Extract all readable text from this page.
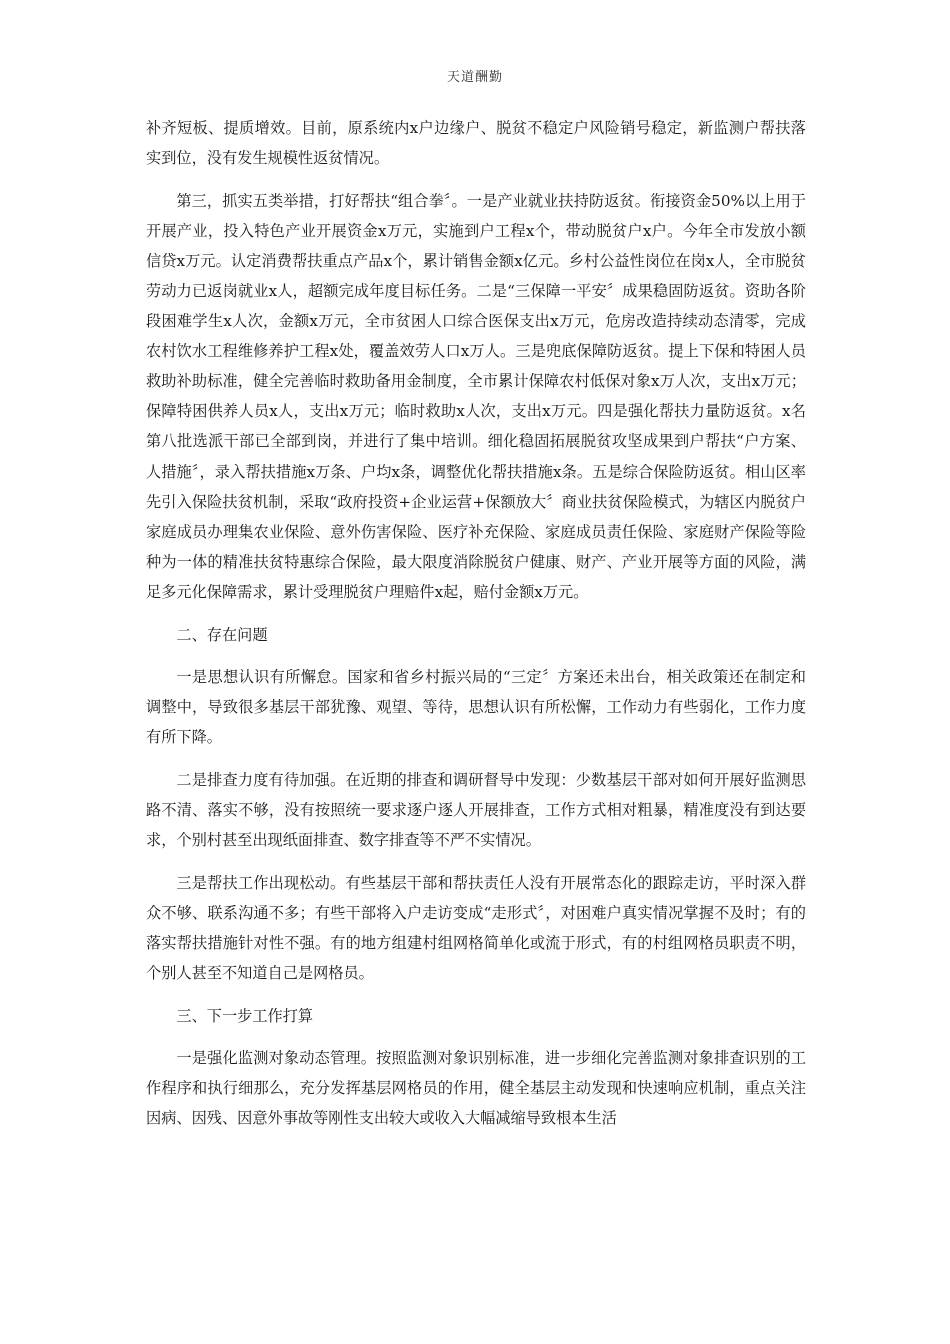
天道酬勤

补齐短板、提质增效。目前，原系统内x户边缘户、脱贫不稳定户风险销号稳定，新监测户帮扶落实到位，没有发生规模性返贫情况。

第三，抓实五类举措，打好帮扶“组合拳〞。一是产业就业扶持防返贫。衔接资金50%以上用于开展产业，投入特色产业开展资金x万元，实施到户工程x个，带动脱贫户x户。今年全市发放小额信贷x万元。认定消费帮扶重点产品x个，累计销售金额x亿元。乡村公益性岗位在岗x人，全市脱贫劳动力已返岗就业x人，超额完成年度目标任务。二是“三保障一平安〞成果稳固防返贫。资助各阶段困难学生x人次，金额x万元，全市贫困人口综合医保支出x万元，危房改造持续动态清零，完成农村饮水工程维修养护工程x处，覆盖效劳人口x万人。三是兜底保障防返贫。提上下保和特困人员救助补助标准，健全完善临时救助备用金制度，全市累计保障农村低保对象x万人次，支出x万元；保障特困供养人员x人，支出x万元；临时救助x人次，支出x万元。四是强化帮扶力量防返贫。x名第八批选派干部已全部到岗，并进行了集中培训。细化稳固拓展脱贫攻坚成果到户帮扶“户方案、人措施〞，录入帮扶措施x万条、户均x条，调整优化帮扶措施x条。五是综合保险防返贫。相山区率先引入保险扶贫机制，采取“政府投资+企业运营+保额放大〞商业扶贫保险模式，为辖区内脱贫户家庭成员办理集农业保险、意外伤害保险、医疗补充保险、家庭成员责任保险、家庭财产保险等险种为一体的精准扶贫特惠综合保险，最大限度消除脱贫户健康、财产、产业开展等方面的风险，满足多元化保障需求，累计受理脱贫户理赔件x起，赔付金额x万元。

二、存在问题

一是思想认识有所懈怠。国家和省乡村振兴局的“三定〞方案还未出台，相关政策还在制定和调整中，导致很多基层干部犹豫、观望、等待，思想认识有所松懈，工作动力有些弱化，工作力度有所下降。

二是排查力度有待加强。在近期的排查和调研督导中发现：少数基层干部对如何开展好监测思路不清、落实不够，没有按照统一要求逐户逐人开展排查，工作方式相对粗暴，精准度没有到达要求，个别村甚至出现纸面排查、数字排查等不严不实情况。

三是帮扶工作出现松动。有些基层干部和帮扶责任人没有开展常态化的跟踪走访，平时深入群众不够、联系沟通不多；有些干部将入户走访变成“走形式〞，对困难户真实情况掌握不及时；有的落实帮扶措施针对性不强。有的地方组建村组网格简单化或流于形式，有的村组网格员职责不明，个别人甚至不知道自己是网格员。

三、下一步工作打算

一是强化监测对象动态管理。按照监测对象识别标准，进一步细化完善监测对象排查识别的工作程序和执行细那么，充分发挥基层网格员的作用，健全基层主动发现和快速响应机制，重点关注因病、因残、因意外事故等刚性支出较大或收入大幅减缩导致根本生活
